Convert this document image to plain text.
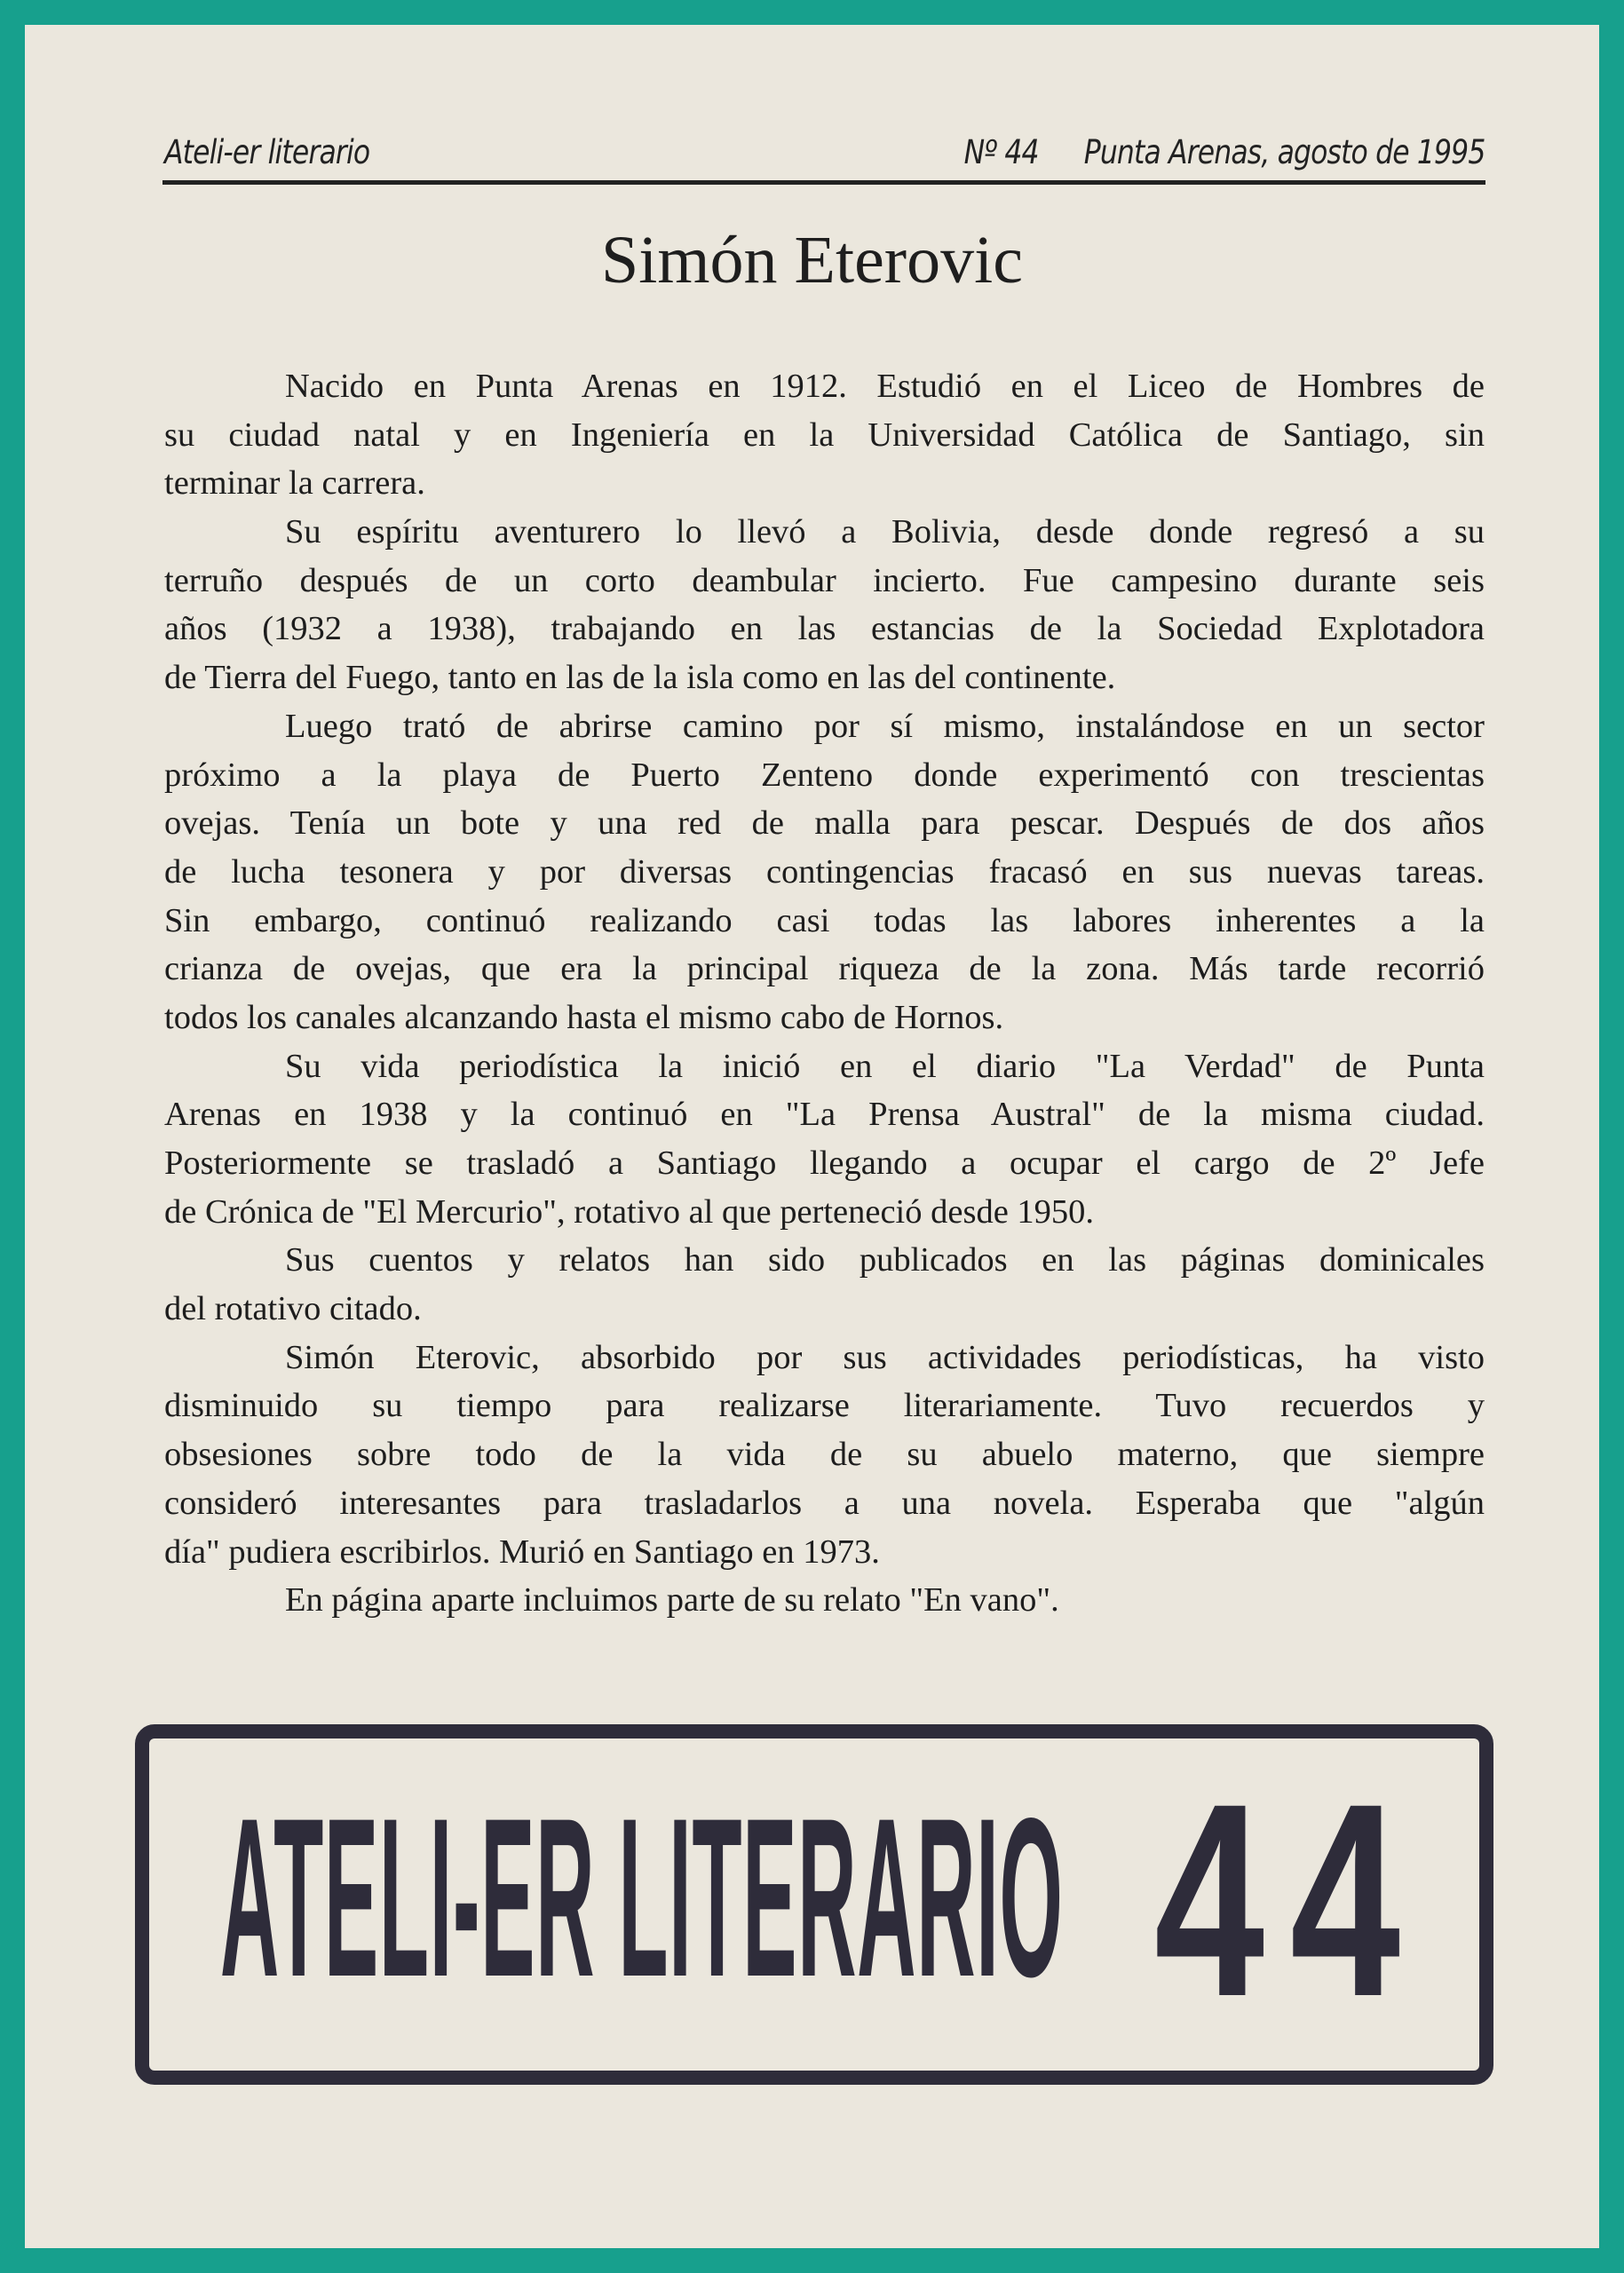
Ateli-er literario	Nº 44 Punta Arenas, agosto de 1995
Simón Eterovic
Nacido en Punta Arenas en 1912. Estudió en el Liceo de Hombres de
su ciudad natal y en Ingeniería en la Universidad Católica de Santiago, sin
terminar la carrera.
Su espíritu aventurero lo llevó a Bolivia, desde donde regresó a su
terruño después de un corto deambular incierto. Fue campesino durante seis
años (1932 a 1938), trabajando en las estancias de la Sociedad Explotadora
de Tierra del Fuego, tanto en las de la isla como en las del continente.
Luego trató de abrirse camino por sí mismo, instalándose en un sector
próximo a la playa de Puerto Zenteno donde experimentó con trescientas
ovejas. Tenía un bote y una red de malla para pescar. Después de dos años
de lucha tesonera y por diversas contingencias fracasó en sus nuevas tareas.
Sin embargo, continuó realizando casi todas las labores inherentes a la
crianza de ovejas, que era la principal riqueza de la zona. Más tarde recorrió
todos los canales alcanzando hasta el mismo cabo de Hornos.
Su vida periodística la inició en el diario "La Verdad" de Punta
Arenas en 1938 y la continuó en "La Prensa Austral" de la misma ciudad.
Posteriormente se trasladó a Santiago llegando a ocupar el cargo de 2º Jefe
de Crónica de "El Mercurio", rotativo al que perteneció desde 1950.
Sus cuentos y relatos han sido publicados en las páginas dominicales
del rotativo citado.
Simón Eterovic, absorbido por sus actividades periodísticas, ha visto
disminuido su tiempo para realizarse literariamente. Tuvo recuerdos y
obsesiones sobre todo de la vida de su abuelo materno, que siempre
consideró interesantes para trasladarlos a una novela. Esperaba que "algún
día" pudiera escribirlos. Murió en Santiago en 1973.
En página aparte incluimos parte de su relato "En vano".
ATELI-ER LITERARIO 44
